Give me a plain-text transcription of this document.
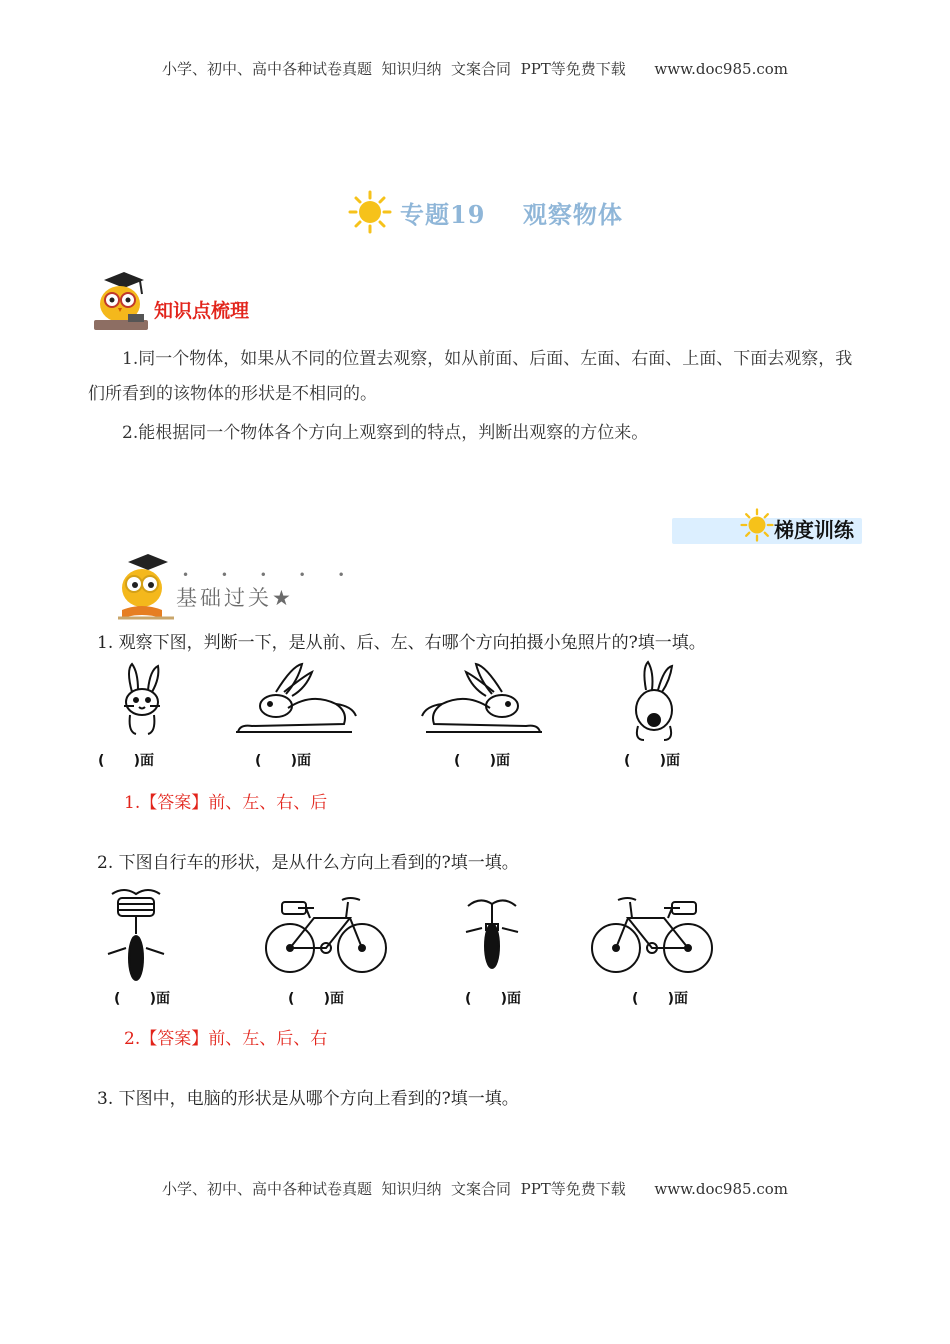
小学、初中、高中各种试卷真题  知识归纳  文案合同  PPT等免费下载      www.doc985.com
专题19    观察物体
知识点梳理
1.同一个物体，如果从不同的位置去观察，如从前面、后面、左面、右面、上面、下面去观察，我们所看到的该物体的形状是不相同的。
2.能根据同一个物体各个方向上观察到的特点，判断出观察的方位来。
梯度训练
• • • • •
基础过关★
1. 观察下图，判断一下，是从前、后、左、右哪个方向拍摄小兔照片的?填一填。
(      )面	(      )面	(      )面	(      )面
1.【答案】前、左、右、后
2. 下图自行车的形状，是从什么方向上看到的?填一填。
(      )面	(      )面	(      )面	(      )面
2.【答案】前、左、后、右
3. 下图中，电脑的形状是从哪个方向上看到的?填一填。
小学、初中、高中各种试卷真题  知识归纳  文案合同  PPT等免费下载      www.doc985.com
